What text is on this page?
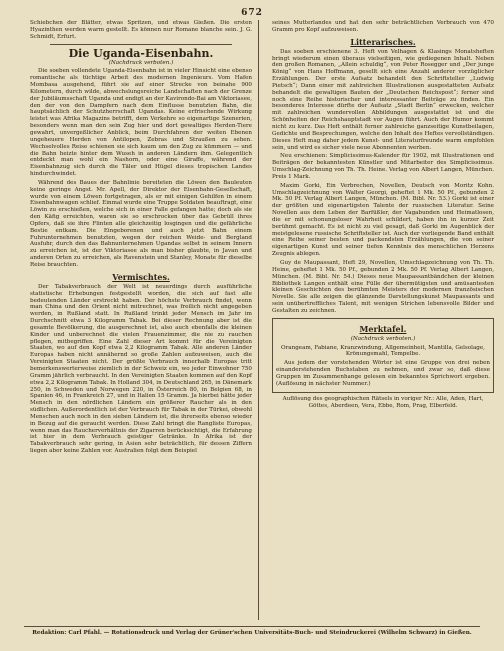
672

Schiebchen der Blätter, etwas Spritzen, und etwas Gießen. Die ersten Hyazinthen werden warm gestellt. Es können nur Romane blanche sein. J. G. Schmidt, Erfurt.

Die Uganda-Eisenbahn.
(Nachdruck verboten.)

Die soeben vollendete Uganda-Eisenbahn ist in vieler Hinsicht eine ebenso romantische als tüchtige Arbeit des modernen Ingenieurs. Vom Hafen Mombasa ausgehend, führt sie auf einer Strecke von beinahe 900 Kilometern, durch wilde, abwechslungsreiche Landschaften nach der Grenze der Jubiläumsschaft Uganda und endigt an der Kavirondo-Bai am Viktoriasee, den der von den Dampfern nach dem Einflusse benutzten Bahn, die hauptsächlich der Schutzherrschaft Ugandas. Keine erfrischende Wirkung leistet was Afrika Magazins betrifft, dem Verkehre so eigenartige Szenerien, besonders wenn man den sein Zug hier und dort gewaltiges Herden-Tiere gewahrt, unvergeßlicher Anblick, beim Durchfahren der weiten Ebenen ungeheuere Herden von Antilopen, Zebras und Straußen zu sehen. Wechselvolles Reise schienen sie sich kaum um den Zug zu kümmern — und die Bahn heizte hinter dem Wuseh in anderen Ländern ihm. Gelegentlich entdeckt man wohl ein Nashorn, oder eine Giraffe, während der Eisenbahnzug sich durch die Täler und Hügel dieses tropischen Landes hindurchwindet.

Während des Baues der Bahnlinie bereiteten die Löwen den Bauleuten keine geringe Angst. Mr. Apell, der Direktor der Eisenbahn-Gesellschaft, wurde von einem Löwen fortgetragen, als er mit einigen Gehilfen in einem Eisenbahnwagen schlief. Einmal wurde eine Truppe Soldaten beauftragt, eine Löwin zu erschießen, welche sich in einer Falle gefangen hatte; doch als sie den Käfig erreichten, waren sie so erschrocken über das Gebrüll ihres Opfers, daß sie ihre Flinten alle gleichzeitig losgingen und die gefährliche Bestie entkam. Die Eingeborenen und auch jetzt Bahn einem Fuhrunternehmen benutzten, wegen der reichen Weide- und Bergland Ausfuhr, durch den das Bahnunternehmen Ugandas selbst in seinem Innern zu erreichen ist, ist der Viktoriasee als man bisher glaubte, in Javan und anderen Orten zu erreichen, als Ravenstein und Stanley, Monate für dieselbe Reise brauchten.

Vermischtes.

Der Tabakverbrauch der Welt ist neuerdings durch ausführliche statistische Erhebungen festgestellt worden, die sich auf fast alle bedeutenden Länder erstreckt haben. Der höchste Verbrauch findet, wenn man China und den Orient nicht mitrechnet, was freilich nicht angegeben werden, in Rußland statt. In Rußland trinkt jeder Mensch im Jahr im Durchschnitt etwa 3 Kilogramm Tabak. Bei dieser Rechnung aber ist die gesamte Bevölkerung, die ausgerechnet ist, also auch ebenfalls die kleinen Kinder und unberechnet die vielen Frauenzimmer, die nie zu rauchen pflegen, mitbegriffen. Eine Zahl dieser Art kommt für die Vereinigten Staaten, wo auf den Kopf etwa 2,2 Kilogramm Tabak. Alle anderen Länder Europas haben nicht annähernd so große Zahlen aufzuweisen, auch die Vereinigten Staaten nicht. Der größte Verbrauch innerhalb Europas tritt bemerkenswerterweise ziemlich in der Schweiz ein, wo jeder Einwohner 750 Gramm jährlich verbraucht. In den Vereinigten Staaten kommen auf den Kopf etwa 2,2 Kilogramm Tabak. In Holland 304, in Deutschland 265, in Dänemark 250, in Schweden und Norwegen 220, in Österreich 80, in Belgien 68, in Spanien 46, in Frankreich 27, und in Italien 15 Gramm. Ja hierbei hätte jeder Mensch in den nördlichen Ländern ein größerer Raucher als in den südlichen. Außerordentlich ist der Verbrauch für Tabak in der Türkei, obwohl Menschen auch noch in den sieben Ländern ist, die ihrerseits ebenso wieder in Bezug auf die geraucht werden. Diese Zahl bringt die Rangliste Europas, wenn man das Raucherverhältnis der Zigarren berücksichtigt, die Erfahrung ist hier in dem Verbrauch geistiger Getränke. In Afrika ist der Tabakverbrauch sehr gering, in Asien sehr beträchtlich, für dessen Ziffern liegen aber keine Zahlen vor. Australien folgt dem Beispiel

seines Mutterlandes und hat den sehr beträchtlichen Verbrauch von 470 Gramm pro Kopf aufzuweisen.

Litterarisches.

Das soeben erschienene 3. Heft von Velhagen & Klasings Monatsheften bringt wiederum einen überaus vielseitigen, wie gediegenen Inhalt. Neben den großen Romanen, „Allein schuldig“, von Peter Rosegger und „Der junge König“ von Hans Hoffmann, gesellt sich eine Anzahl anderer vorzüglicher Erzählungen. Der erste Aufsatz behandelt den Schriftsteller „Ludwig Pietsch“; Dann einer mit zahlreichen Illustrationen ausgestatteten Aufsatz behandelt die gewaltigen Bauten der „Deutschen Reichspost“; ferner sind noch eine Reihe historischer und interessanter Beiträge zu finden. Ein besonderes Interesse dürfte der Aufsatz „Stadt Berlin“ erwecken, welcher mit zahlreichen wundervollen Abbildungen ausgestattet ist und die Schönheiten der Reichshauptstadt vor Augen führt. Auch der Humor kommt nicht zu kurz. Das Heft enthält ferner zahlreiche ganzseitige Kunstbeilagen, Gedichte und Besprechungen, welche den Inhalt des Heftes vervollständigen. Dieses Heft mag daher jedem Kunst- und Literaturfreunde warm empfohlen sein, und wird es sicher viele neue Abonnenten werben.

Neu erschienen: Simplicissimus-Kalender für 1902, mit Illustrationen und Beiträgen der bekanntesten Künstler und Mitarbeiter des Simplicissimus. Umschlag-Zeichnung von Th. Th. Heine. Verlag von Albert Langen, München. Preis 1 Mark.

Maxim Gorki, Ein Verbrechen, Novellen, Deutsch von Moritz Kohn. Umschlagzeichnung von Walter Georgi, geheftet 1 Mk. 50 Pf., gebunden 2 Mk. 50 Pf. Verlag Albert Langen, München. (M. Bibl. Nr. 53.) Gorki ist einer der größten und eigenartigsten Talente der russischen Literatur. Seine Novellen aus dem Leben der Barfüßler, der Vagabunden und Heimatlosen, die er mit schonungsloser Wahrheit schildert, haben ihn in kurzer Zeit berühmt gemacht. Es ist nicht zu viel gesagt, daß Gorki im Augenblick der meistgelesene russische Schriftsteller ist. Auch der vorliegende Band enthält eine Reihe seiner besten und packendsten Erzählungen, die von seiner eigenartigen Kunst und seiner tiefen Kenntnis des menschlichen Herzens Zeugnis ablegen.

Guy de Maupassant, Heft 29, Novellen, Umschlagzeichnung von Th. Th. Heine, geheftet 1 Mk. 50 Pf., gebunden 2 Mk. 50 Pf. Verlag Albert Langen, München. (M. Bibl. Nr. 54.) Dieses neue Maupassantbändchen der kleinen Bibliothek Langen enthält eine Fülle der übermütigsten und amüsantesten kleinen Geschichten des berühmten Meisters der modernen französischen Novelle. Sie alle zeigen die glänzende Darstellungskunst Maupassants und sein unübertreffliches Talent, mit wenigen Strichen lebensvolle Bilder und Gestalten zu zeichnen.

Merktafel.
(Nachdruck verboten.)

Orangeam, Fabiane, Kranzwindung, Allgemeinheit, Mantilla, Gelsolage, Krönungsmahl, Tempelbe.

Aus jedem der vorstehenden Wörter ist eine Gruppe von drei neben einanderstehenden Buchstaben zu nehmen, und zwar so, daß diese Gruppen im Zusammenhange gelesen ein bekanntes Sprichwort ergeben. (Auflösung in nächster Nummer.)

Auflösung des geographischen Rätsels in voriger Nr.: Alle, Aden, Hart, Göttes, Aberdeen, Vera, Ebbe, Rom, Prag, Elberfeld.

Redaktion: Carl Pfahl. — Rotationsdruck und Verlag der Grüner'schen Universitäts-Buch- und Steindruckerei (Wilhelm Schwarz) in Gießen.
